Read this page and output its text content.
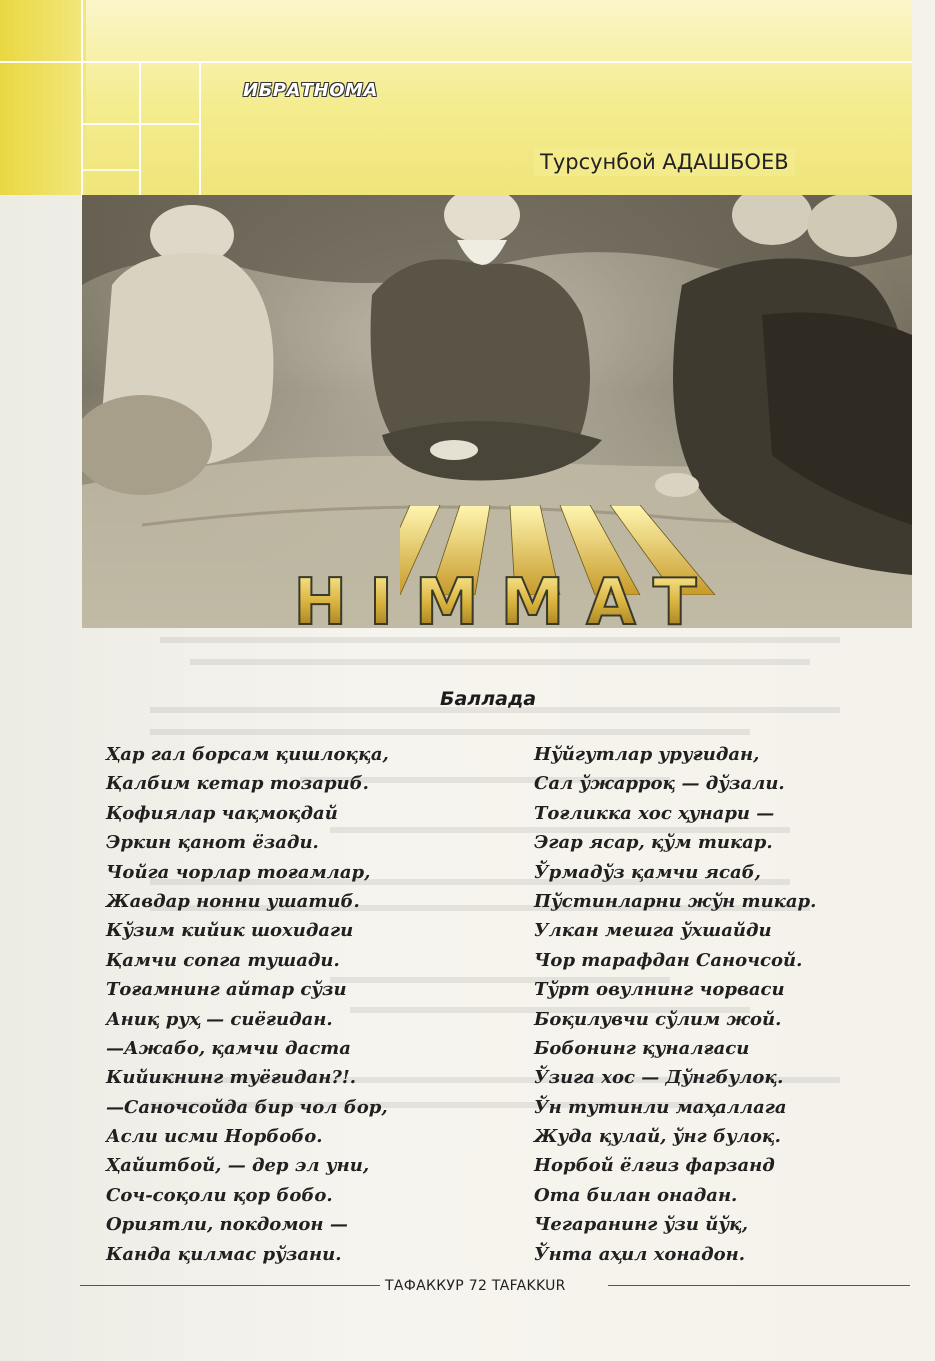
ИБРАТНОМА
Турсунбой АДАШБОЕВ
HIMMAT
Баллада
Ҳар гал борсам қишлоққа,
Қалбим кетар тозариб.
Қофиялар чақмоқдай
Эркин қанот ёзади.
Чойга чорлар тоғамлар,
Жавдар нонни ушатиб.
Кўзим кийик шохидаги
Қамчи сопга тушади.
Тоғамнинг айтар сўзи
Аниқ руҳ — сиёғидан.
—Ажабо, қамчи даста
Кийикнинг туёғидан?!.
—Саночсойда бир чол бор,
Асли исми Норбобо.
Ҳайитбой, — дер эл уни,
Соч-соқоли қор бобо.
Ориятли, покдомон —
Канда қилмас рўзани.
Нўйгутлар уруғидан,
Сал ўжарроқ — дўзали.
Тоғликка хос ҳунари —
Эгар ясар, қўм тикар.
Ўрмадўз қамчи ясаб,
Пўстинларни жўн тикар.
Улкан мешга ўхшайди
Чор тарафдан Саночсой.
Тўрт овулнинг чорваси
Боқилувчи сўлим жой.
Бобонинг қуналғаси
Ўзига хос — Дўнгбулоқ.
Ўн тутинли маҳаллага
Жуда қулай, ўнг булоқ.
Норбой ёлғиз фарзанд
Ота билан онадан.
Чегаранинг ўзи йўқ,
Ўнта аҳил хонадон.
ТАФАККУР 72 TAFAKKUR
